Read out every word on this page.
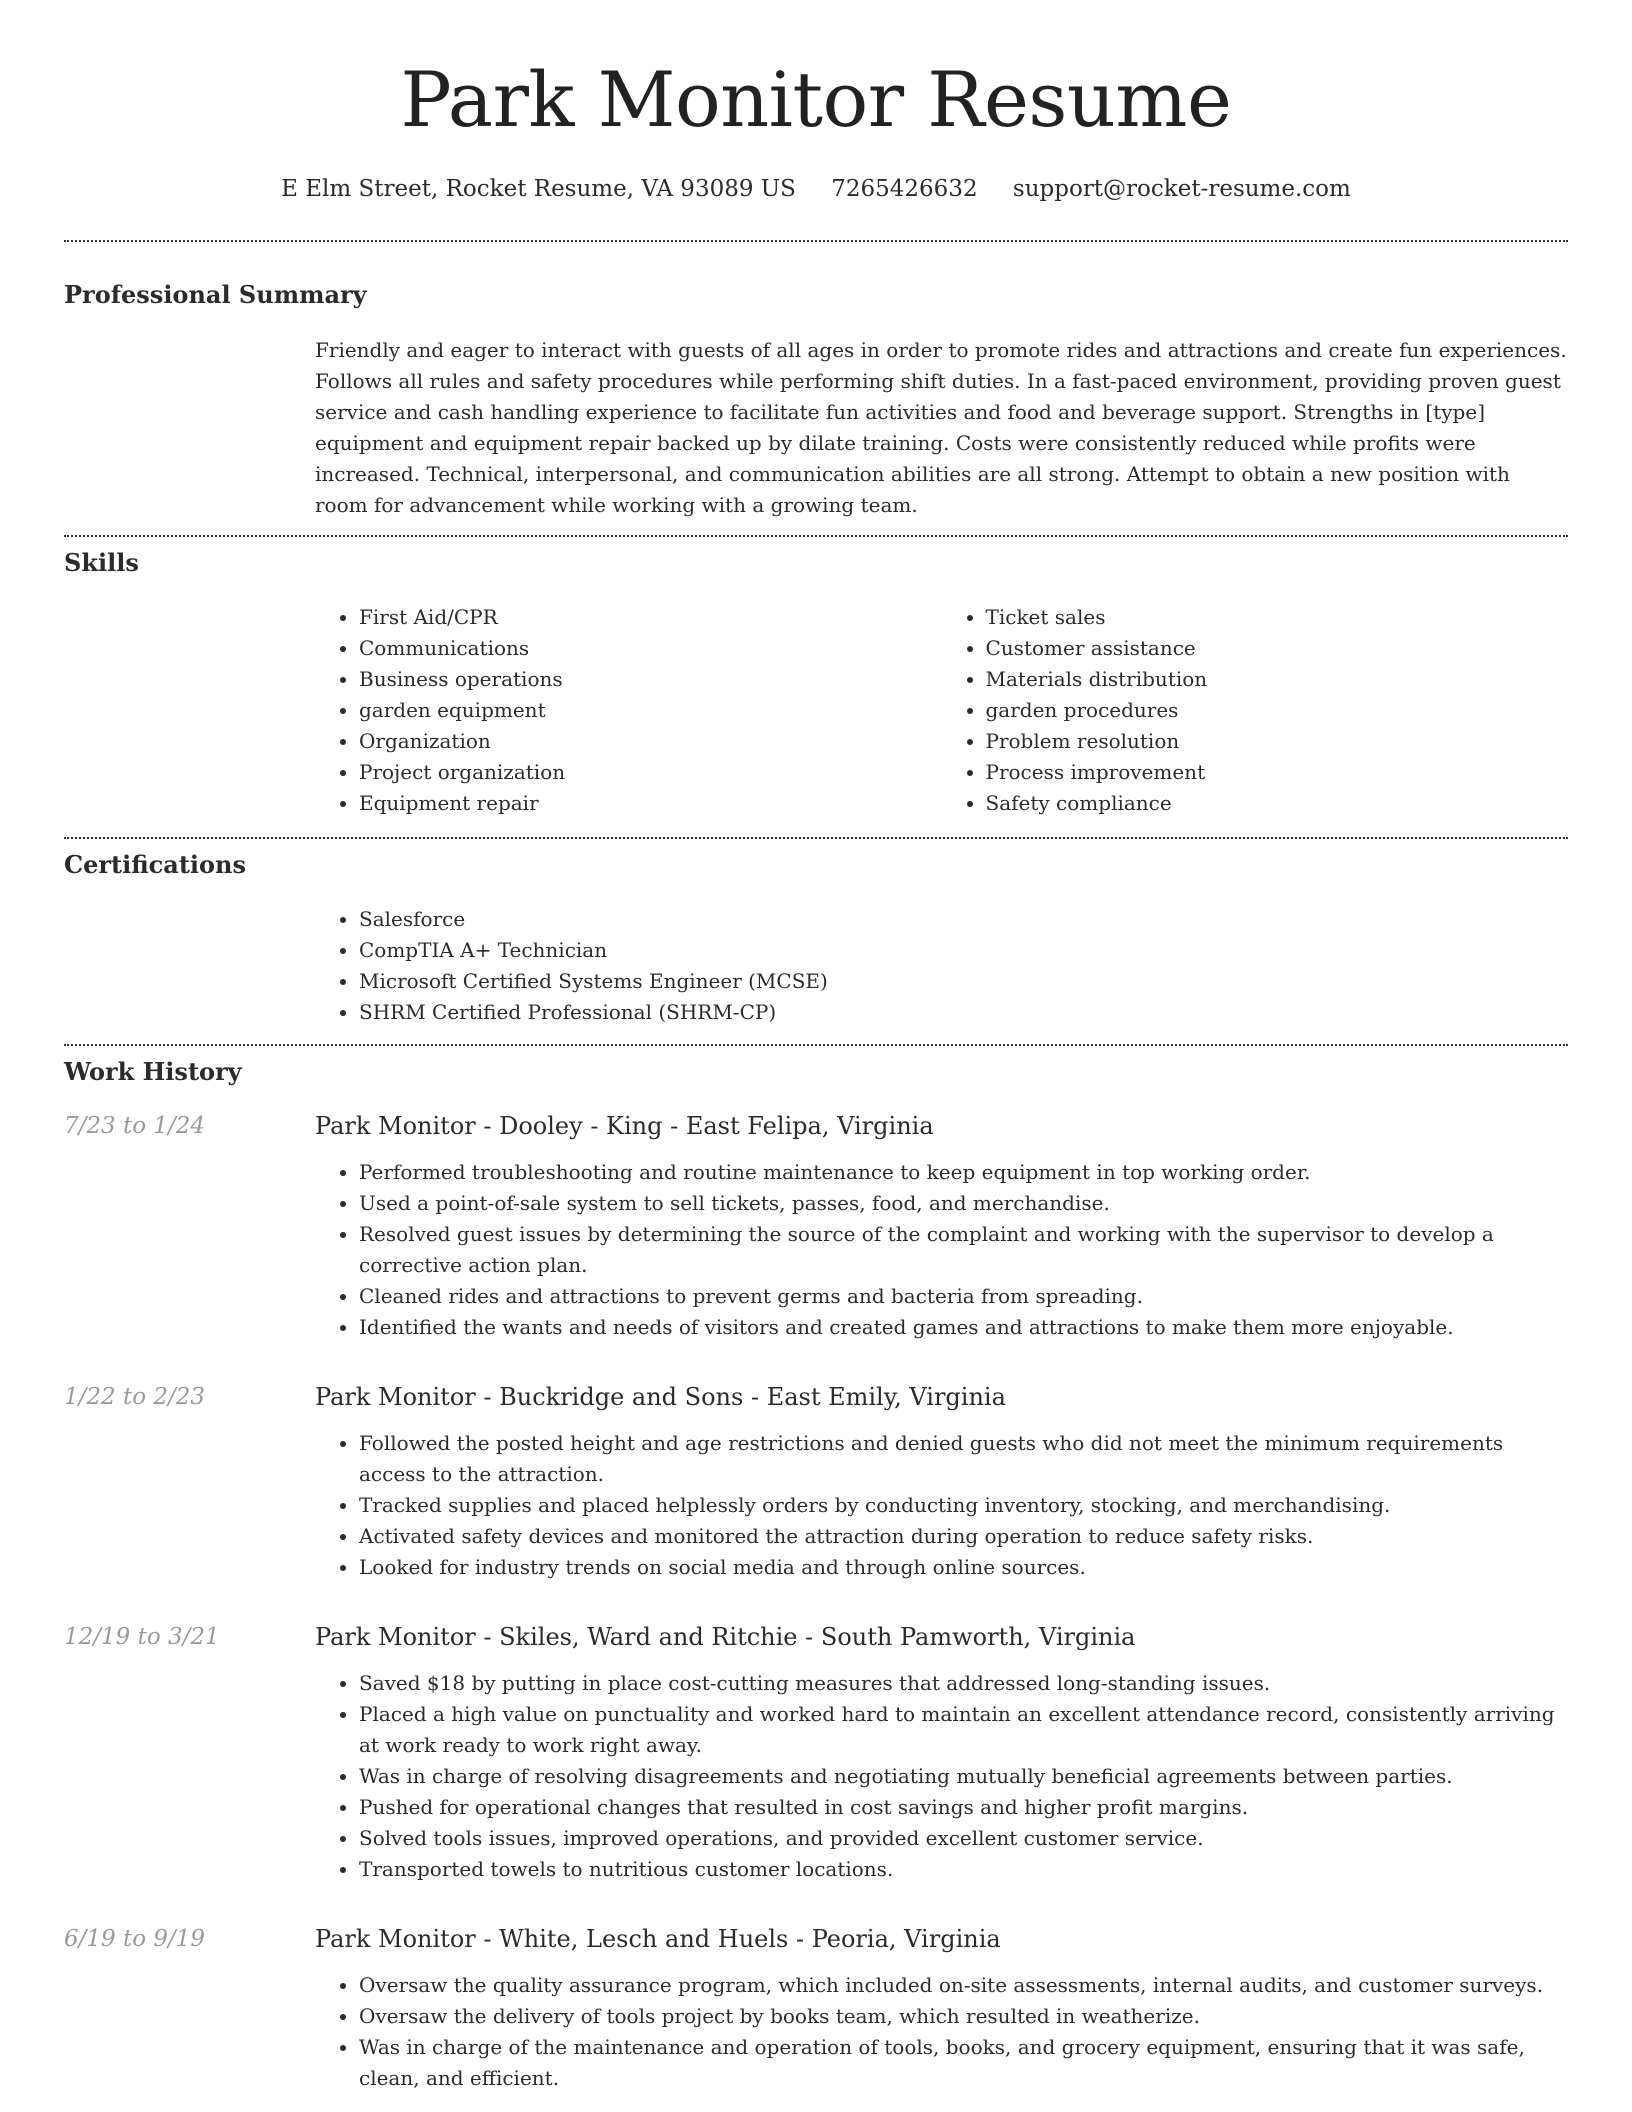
Park Monitor Resume
E Elm Street, Rocket Resume, VA 93089 US 7265426632 support@rocket-resume.com
Professional Summary

Friendly and eager to interact with guests of all ages in order to promote rides and attractions and create fun experiences. Follows all rules and safety procedures while performing shift duties. In a fast-paced environment, providing proven guest service and cash handling experience to facilitate fun activities and food and beverage support. Strengths in [type] equipment and equipment repair backed up by dilate training. Costs were consistently reduced while profits were increased. Technical, interpersonal, and communication abilities are all strong. Attempt to obtain a new position with room for advancement while working with a growing team.

Skills
• First Aid/CPR
• Communications
• Business operations
• garden equipment
• Organization
• Project organization
• Equipment repair
• Ticket sales
• Customer assistance
• Materials distribution
• garden procedures
• Problem resolution
• Process improvement
• Safety compliance
Certifications
• Salesforce
• CompTIA A+ Technician
• Microsoft Certified Systems Engineer (MCSE)
• SHRM Certified Professional (SHRM-CP)
Work History
7/23 to 1/24	Park Monitor - Dooley - King - East Felipa, Virginia
• Performed troubleshooting and routine maintenance to keep equipment in top working order.
• Used a point-of-sale system to sell tickets, passes, food, and merchandise.
• Resolved guest issues by determining the source of the complaint and working with the supervisor to develop a corrective action plan.
• Cleaned rides and attractions to prevent germs and bacteria from spreading.
• Identified the wants and needs of visitors and created games and attractions to make them more enjoyable.
1/22 to 2/23	Park Monitor - Buckridge and Sons - East Emily, Virginia
• Followed the posted height and age restrictions and denied guests who did not meet the minimum requirements access to the attraction.
• Tracked supplies and placed helplessly orders by conducting inventory, stocking, and merchandising.
• Activated safety devices and monitored the attraction during operation to reduce safety risks.
• Looked for industry trends on social media and through online sources.
12/19 to 3/21	Park Monitor - Skiles, Ward and Ritchie - South Pamworth, Virginia
• Saved $18 by putting in place cost-cutting measures that addressed long-standing issues.
• Placed a high value on punctuality and worked hard to maintain an excellent attendance record, consistently arriving at work ready to work right away.
• Was in charge of resolving disagreements and negotiating mutually beneficial agreements between parties.
• Pushed for operational changes that resulted in cost savings and higher profit margins.
• Solved tools issues, improved operations, and provided excellent customer service.
• Transported towels to nutritious customer locations.
6/19 to 9/19	Park Monitor - White, Lesch and Huels - Peoria, Virginia
• Oversaw the quality assurance program, which included on-site assessments, internal audits, and customer surveys.
• Oversaw the delivery of tools project by books team, which resulted in weatherize.
• Was in charge of the maintenance and operation of tools, books, and grocery equipment, ensuring that it was safe, clean, and efficient.
